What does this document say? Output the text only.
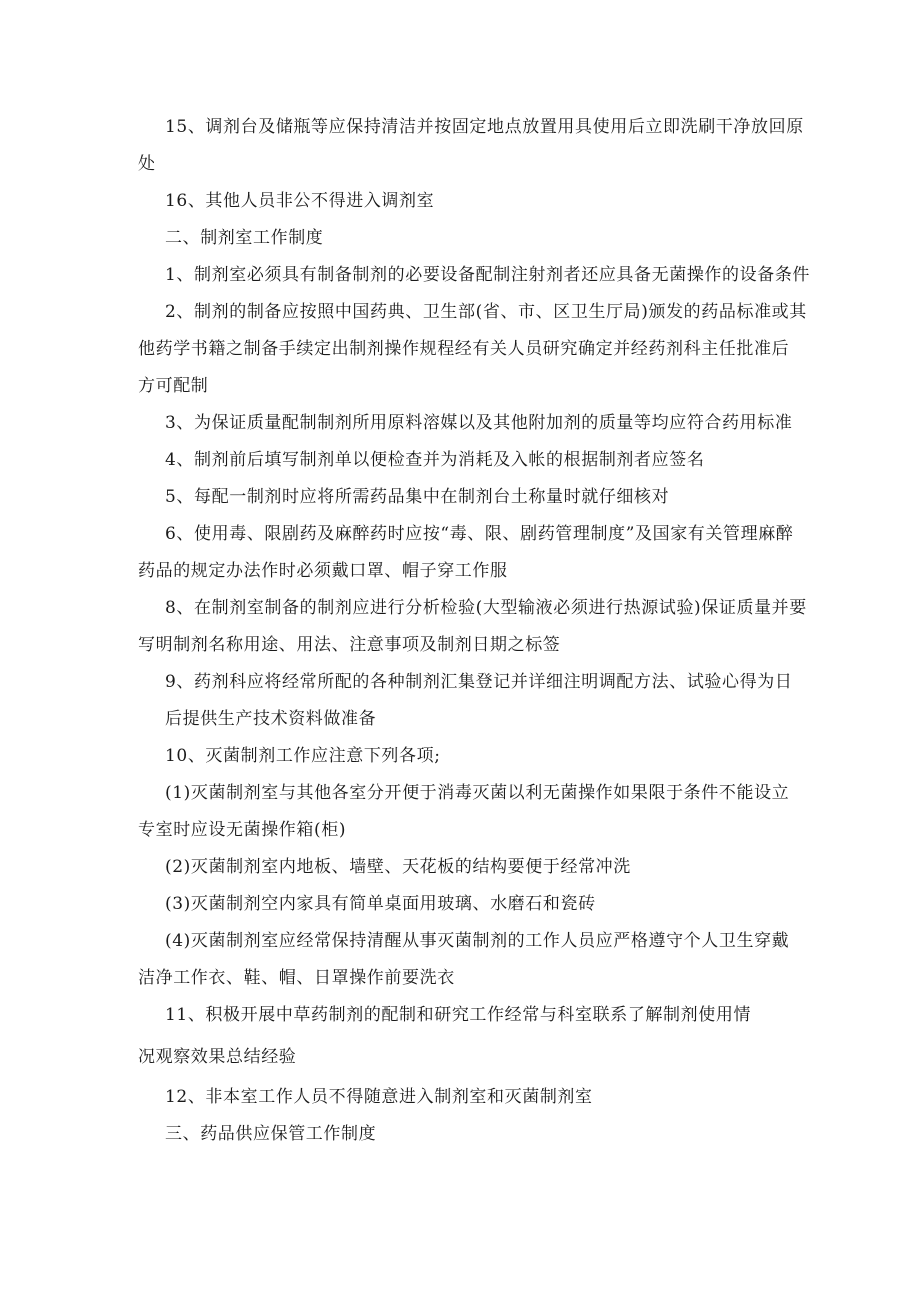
15、调剂台及储瓶等应保持清洁并按固定地点放置用具使用后立即洗刷干净放回原
处
16、其他人员非公不得进入调剂室
二、制剂室工作制度
1、制剂室必须具有制备制剂的必要设备配制注射剂者还应具备无菌操作的设备条件
2、制剂的制备应按照中国药典、卫生部(省、市、区卫生厅局)颁发的药品标准或其
他药学书籍之制备手续定出制剂操作规程经有关人员研究确定并经药剂科主任批准后
方可配制
3、为保证质量配制制剂所用原料溶媒以及其他附加剂的质量等均应符合药用标准
4、制剂前后填写制剂单以便检查并为消耗及入帐的根据制剂者应签名
5、每配一制剂时应将所需药品集中在制剂台土称量时就仔细核对
6、使用毒、限剧药及麻醉药时应按“毒、限、剧药管理制度”及国家有关管理麻醉
药品的规定办法作时必须戴口罩、帽子穿工作服
8、在制剂室制备的制剂应进行分析检验(大型输液必须进行热源试验)保证质量并要
写明制剂名称用途、用法、注意事项及制剂日期之标签
9、药剂科应将经常所配的各种制剂汇集登记并详细注明调配方法、试验心得为日
后提供生产技术资料做准备
10、灭菌制剂工作应注意下列各项;
(1)灭菌制剂室与其他各室分开便于消毒灭菌以利无菌操作如果限于条件不能设立
专室时应设无菌操作箱(柜)
(2)灭菌制剂室内地板、墙壁、天花板的结构要便于经常冲洗
(3)灭菌制剂空内家具有简单桌面用玻璃、水磨石和瓷砖
(4)灭菌制剂室应经常保持清醒从事灭菌制剂的工作人员应严格遵守个人卫生穿戴
洁净工作衣、鞋、帽、日罩操作前要洗衣
11、积极开展中草药制剂的配制和研究工作经常与科室联系了解制剂使用情
况观察效果总结经验
12、非本室工作人员不得随意进入制剂室和灭菌制剂室
三、药品供应保管工作制度
